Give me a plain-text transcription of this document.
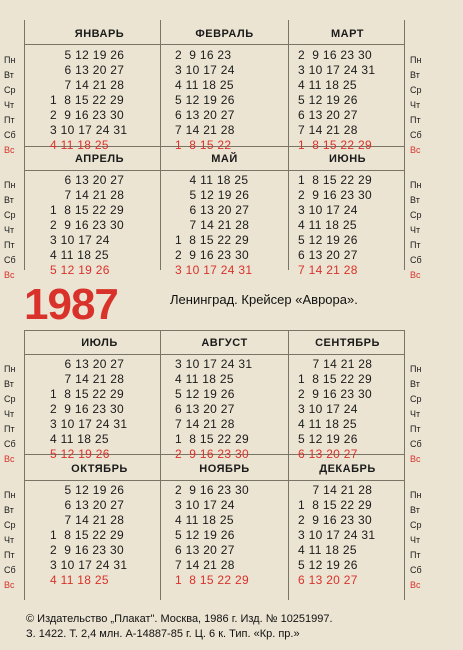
Пн
Вт
Ср
Чт
Пт
Сб
Вс
Пн
Вт
Ср
Чт
Пт
Сб
Вс
Пн
Вт
Ср
Чт
Пт
Сб
Вс
Пн
Вт
Ср
Чт
Пт
Сб
Вс
Пн
Вт
Ср
Чт
Пт
Сб
Вс
Пн
Вт
Ср
Чт
Пт
Сб
Вс
Пн
Вт
Ср
Чт
Пт
Сб
Вс
Пн
Вт
Ср
Чт
Пт
Сб
Вс
ЯНВАРЬ
5 12 19 26
6 13 20 27
7 14 21 28
1  8 15 22 29
2  9 16 23 30
3 10 17 24 31
4 11 18 25
ФЕВРАЛЬ
2  9 16 23
3 10 17 24
4 11 18 25
5 12 19 26
6 13 20 27
7 14 21 28
1  8 15 22
МАРТ
2  9 16 23 30
3 10 17 24 31
4 11 18 25
5 12 19 26
6 13 20 27
7 14 21 28
1  8 15 22 29
АПРЕЛЬ
6 13 20 27
7 14 21 28
1  8 15 22 29
2  9 16 23 30
3 10 17 24
4 11 18 25
5 12 19 26
МАЙ
4 11 18 25
5 12 19 26
6 13 20 27
7 14 21 28
1  8 15 22 29
2  9 16 23 30
3 10 17 24 31
ИЮНЬ
1  8 15 22 29
2  9 16 23 30
3 10 17 24
4 11 18 25
5 12 19 26
6 13 20 27
7 14 21 28
ИЮЛЬ
6 13 20 27
7 14 21 28
1  8 15 22 29
2  9 16 23 30
3 10 17 24 31
4 11 18 25
5 12 19 26
АВГУСТ
3 10 17 24 31
4 11 18 25
5 12 19 26
6 13 20 27
7 14 21 28
1  8 15 22 29
2  9 16 23 30
СЕНТЯБРЬ
7 14 21 28
1  8 15 22 29
2  9 16 23 30
3 10 17 24
4 11 18 25
5 12 19 26
6 13 20 27
ОКТЯБРЬ
5 12 19 26
6 13 20 27
7 14 21 28
1  8 15 22 29
2  9 16 23 30
3 10 17 24 31
4 11 18 25
НОЯБРЬ
2  9 16 23 30
3 10 17 24
4 11 18 25
5 12 19 26
6 13 20 27
7 14 21 28
1  8 15 22 29
ДЕКАБРЬ
7 14 21 28
1  8 15 22 29
2  9 16 23 30
3 10 17 24 31
4 11 18 25
5 12 19 26
6 13 20 27
1987	Ленинград. Крейсер «Аврора».
© Издательство „Плакат". Москва, 1986 г. Изд. № 10251997.
З. 1422. Т. 2,4 млн. А-14887-85 г. Ц. 6 к. Тип. «Кр. пр.»
